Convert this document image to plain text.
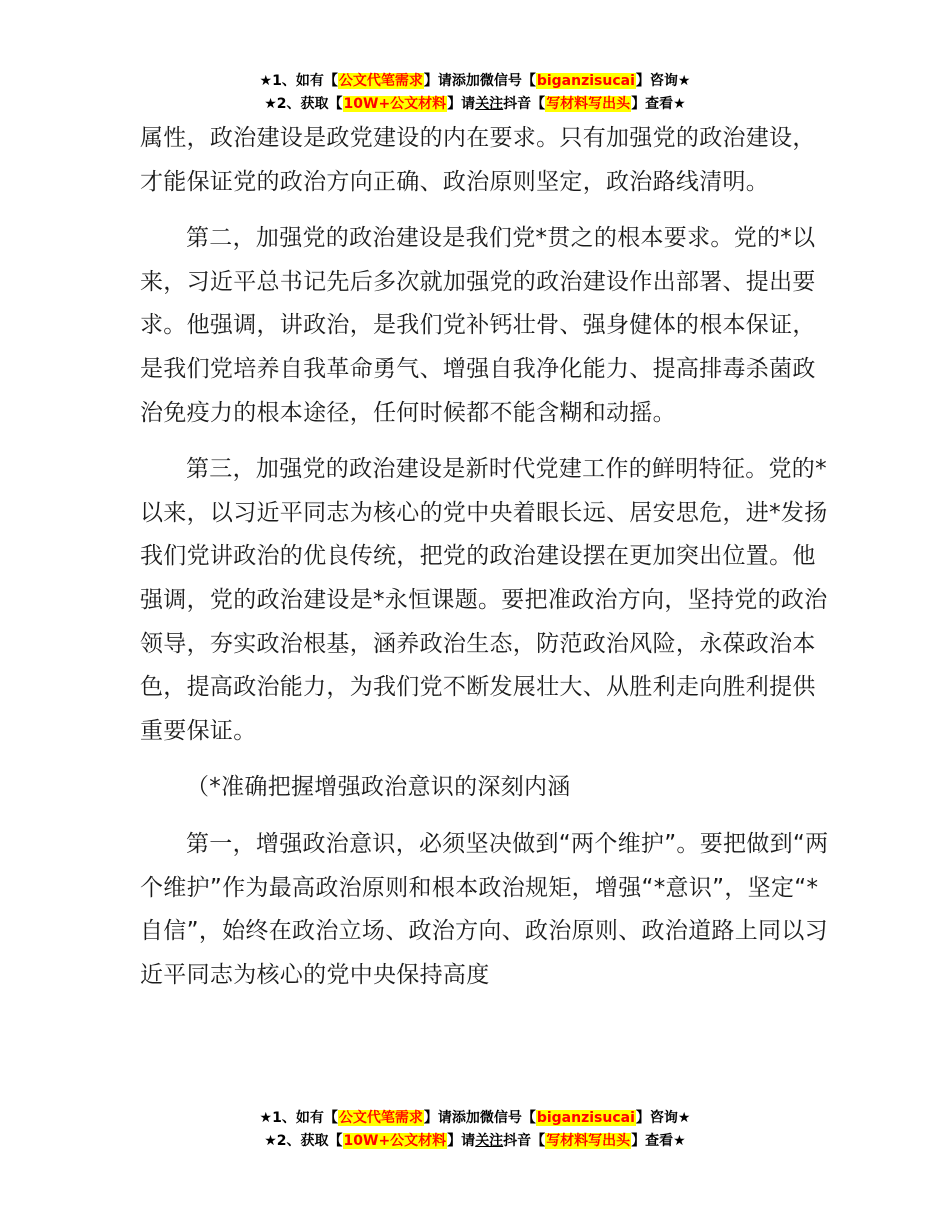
★1、如有【公文代笔需求】请添加微信号【biganzisucai】咨询★
★2、获取【10W+公文材料】请关注抖音【写材料写出头】查看★

属性，政治建设是政党建设的内在要求。只有加强党的政治建设，才能保证党的政治方向正确、政治原则坚定，政治路线清明。

第二，加强党的政治建设是我们党*贯之的根本要求。党的*以来，习近平总书记先后多次就加强党的政治建设作出部署、提出要求。他强调，讲政治，是我们党补钙壮骨、强身健体的根本保证，是我们党培养自我革命勇气、增强自我净化能力、提高排毒杀菌政治免疫力的根本途径，任何时候都不能含糊和动摇。

第三，加强党的政治建设是新时代党建工作的鲜明特征。党的*以来，以习近平同志为核心的党中央着眼长远、居安思危，进*发扬我们党讲政治的优良传统，把党的政治建设摆在更加突出位置。他强调，党的政治建设是*永恒课题。要把准政治方向，坚持党的政治领导，夯实政治根基，涵养政治生态，防范政治风险，永葆政治本色，提高政治能力，为我们党不断发展壮大、从胜利走向胜利提供重要保证。

（*准确把握增强政治意识的深刻内涵

第一，增强政治意识，必须坚决做到“两个维护”。要把做到“两个维护”作为最高政治原则和根本政治规矩，增强“*意识”，坚定“*自信”，始终在政治立场、政治方向、政治原则、政治道路上同以习近平同志为核心的党中央保持高度

★1、如有【公文代笔需求】请添加微信号【biganzisucai】咨询★
★2、获取【10W+公文材料】请关注抖音【写材料写出头】查看★
